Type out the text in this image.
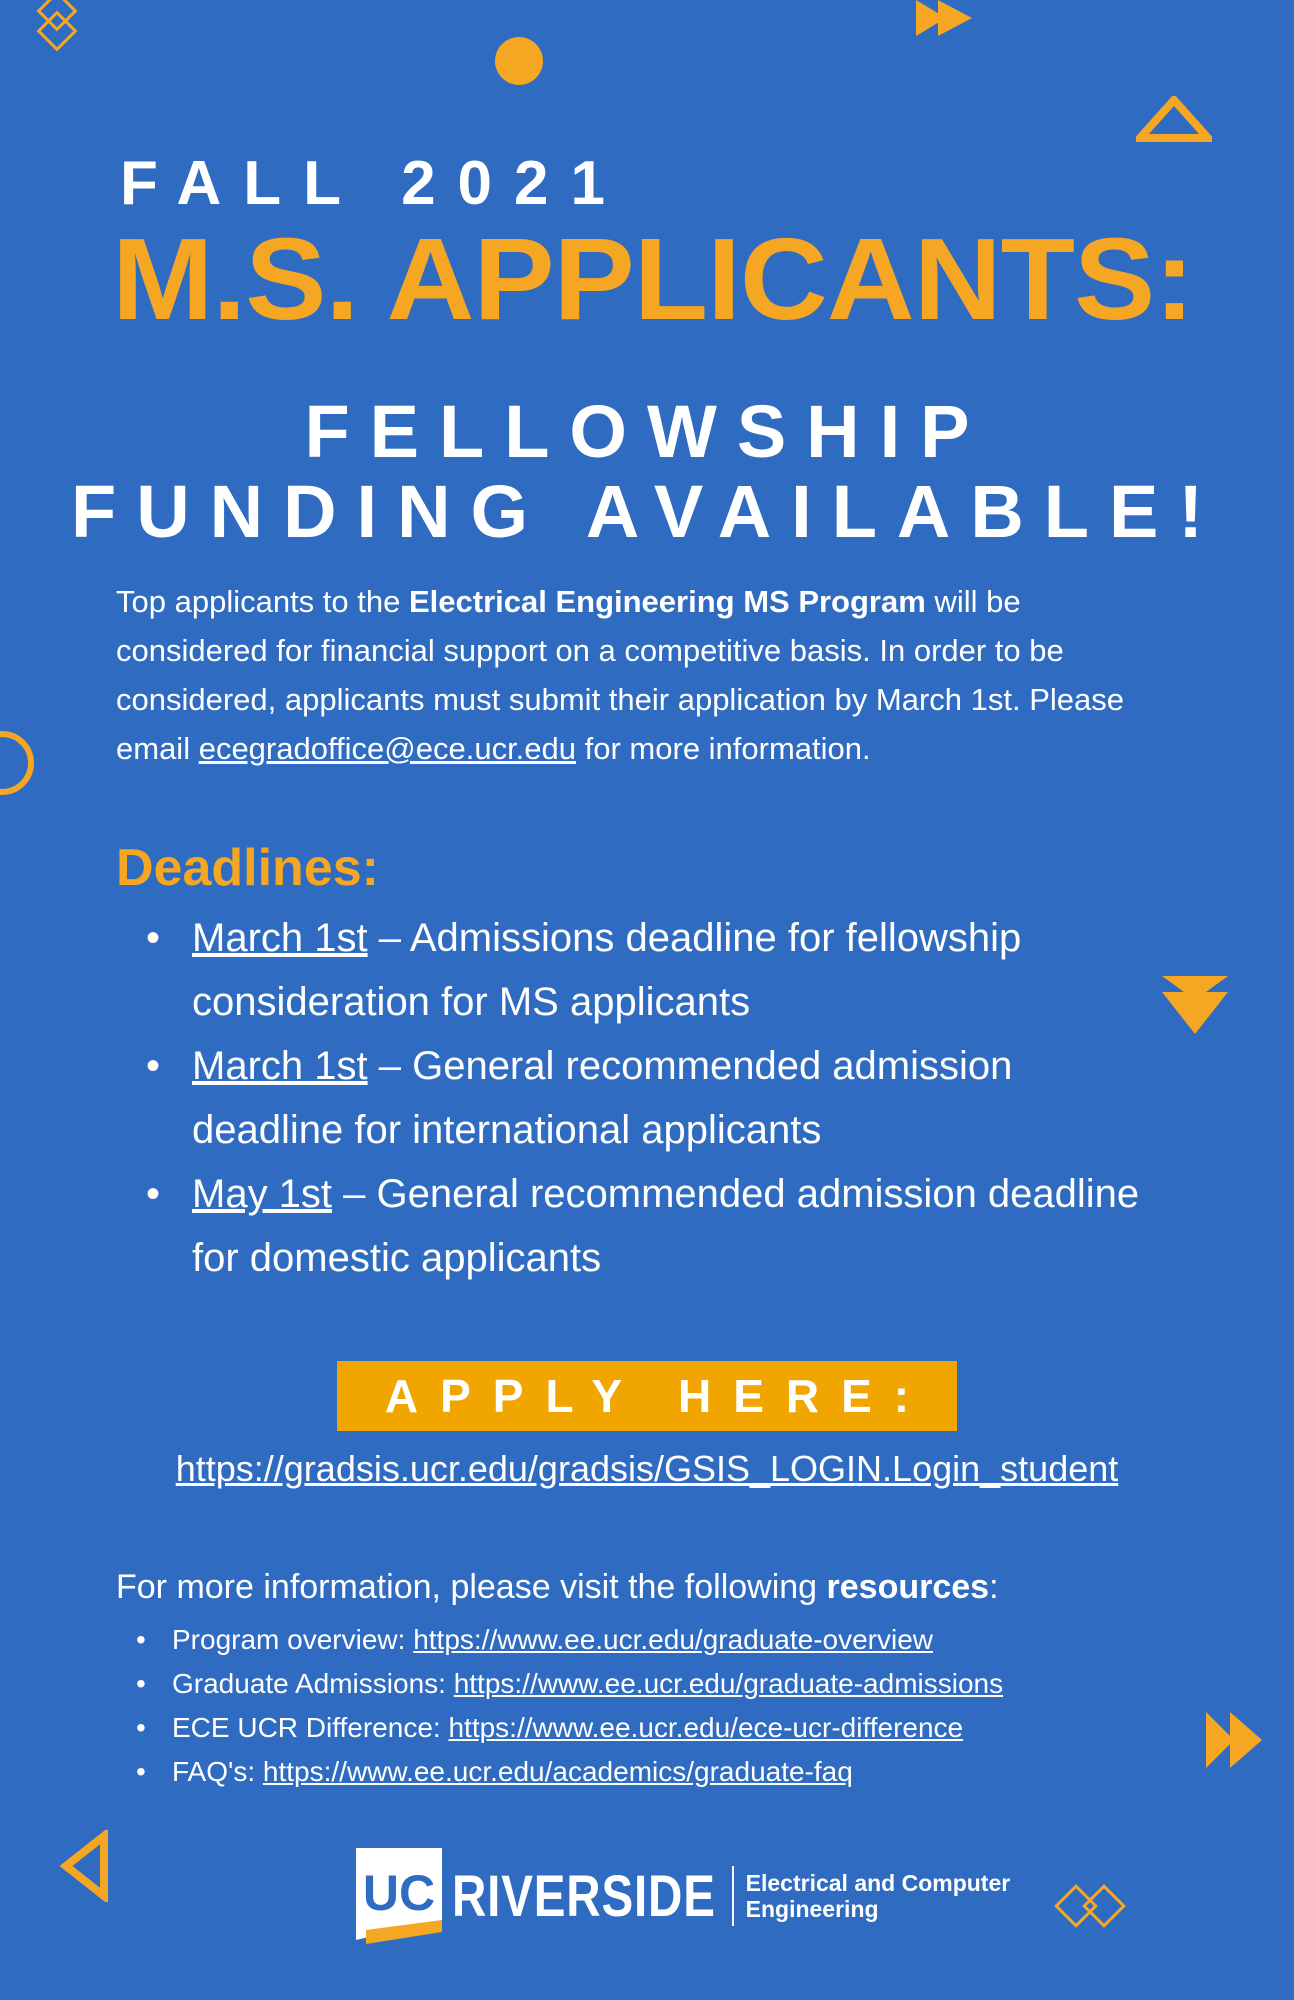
FALL 2021
M.S. APPLICANTS:
FELLOWSHIP
FUNDING AVAILABLE!

Top applicants to the Electrical Engineering MS Program will be considered for financial support on a competitive basis. In order to be considered, applicants must submit their application by March 1st. Please email ecegradoffice@ece.ucr.edu for more information.

Deadlines:
• March 1st – Admissions deadline for fellowship consideration for MS applicants
• March 1st – General recommended admission deadline for international applicants
• May 1st – General recommended admission deadline for domestic applicants
APPLY HERE:
https://gradsis.ucr.edu/gradsis/GSIS_LOGIN.Login_student
For more information, please visit the following resources:
• Program overview: https://www.ee.ucr.edu/graduate-overview
• Graduate Admissions: https://www.ee.ucr.edu/graduate-admissions
• ECE UCR Difference: https://www.ee.ucr.edu/ece-ucr-difference
• FAQ's: https://www.ee.ucr.edu/academics/graduate-faq
UC RIVERSIDE Electrical and Computer
Engineering
